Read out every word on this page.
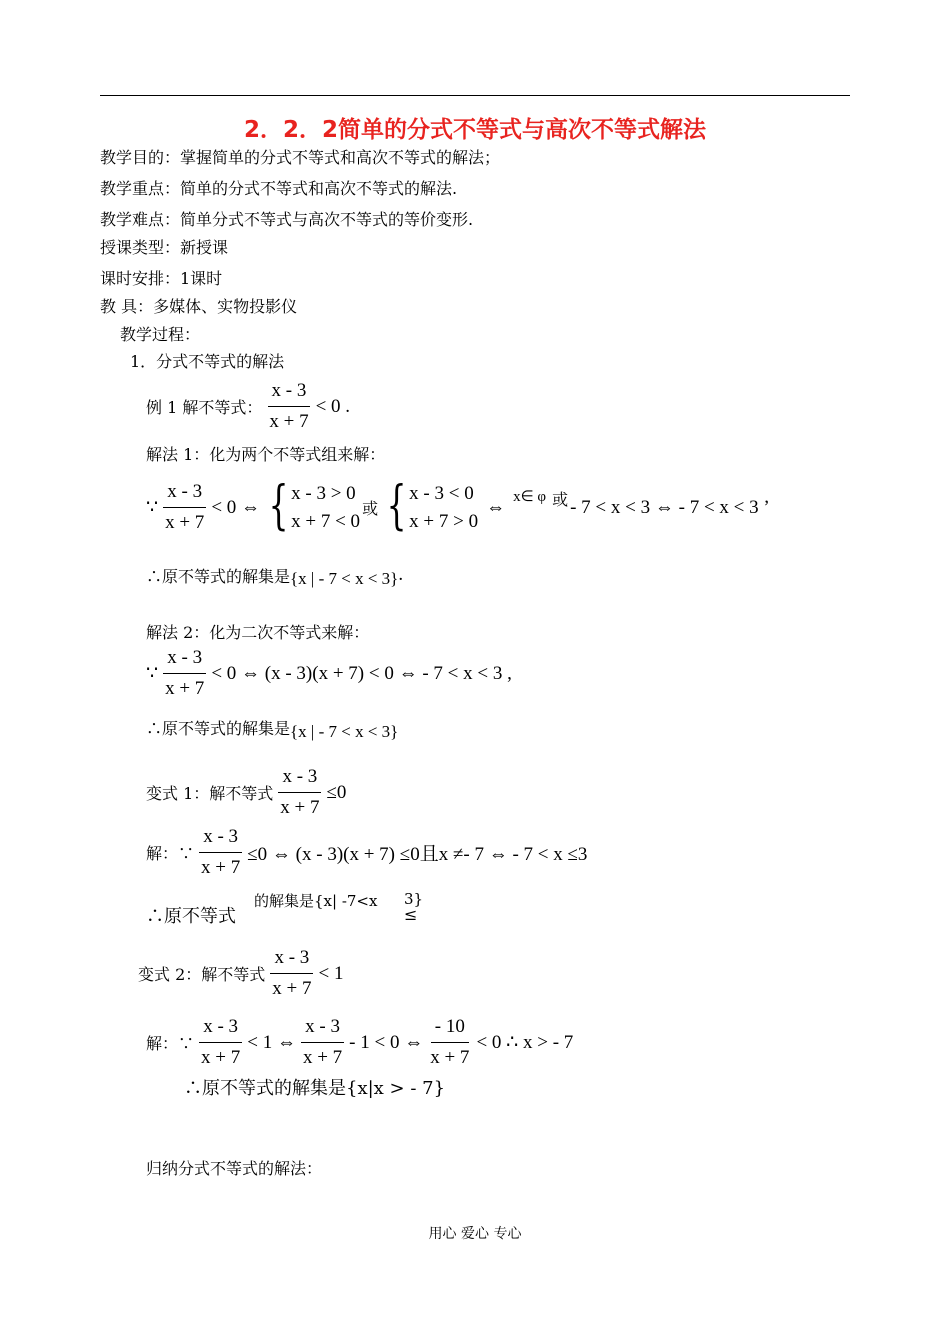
2．2．2简单的分式不等式与高次不等式解法
教学目的：掌握简单的分式不等式和高次不等式的解法；
教学重点：简单的分式不等式和高次不等式的解法.
教学难点：简单分式不等式与高次不等式的等价变形.
授课类型：新授课
课时安排：1课时
教 具：多媒体、实物投影仪
教学过程：
1．分式不等式的解法
例 1 解不等式： $\frac{x - 3}{x + 7} < 0$ .
解法 1：化为两个不等式组来解：
∵ $\frac{x - 3}{x + 7} < 0$ ⇔ { x - 3 > 0
x + 7 < 0
或 { x - 3 < 0
x + 7 > 0
⇔ x∈ φ 或 - 7 < x < 3 ⇔ - 7 < x < 3 ’
∴原不等式的解集是 {x | - 7 < x < 3} .
解法 2：化为二次不等式来解：
∵ $\frac{x - 3}{x + 7} < 0$ ⇔ (x - 3)(x + 7) < 0 ⇔ - 7 < x < 3 ,
∴原不等式的解集是 {x | - 7 < x < 3}
变式 1：解不等式 $\frac{x - 3}{x + 7} \le 0$
解：∵ $\frac{x - 3}{x + 7} \le 0$ ⇔ (x - 3)(x + 7) ≤0且x ≠- 7 ⇔ - 7 < x ≤3
∴原不等式
的解集是{x| -7<x 3}
≤
变式 2：解不等式 $\frac{x - 3}{x + 7} < 1$
解：∵ $\frac{x - 3}{x + 7} < 1$ ⇔ $\frac{x - 3}{x + 7} - 1 < 0$ ⇔ $\frac{- 10}{x + 7} < 0$ ∴ x > - 7
∴原不等式的解集是{x|x > - 7}
归纳分式不等式的解法：
用心 爱心 专心
